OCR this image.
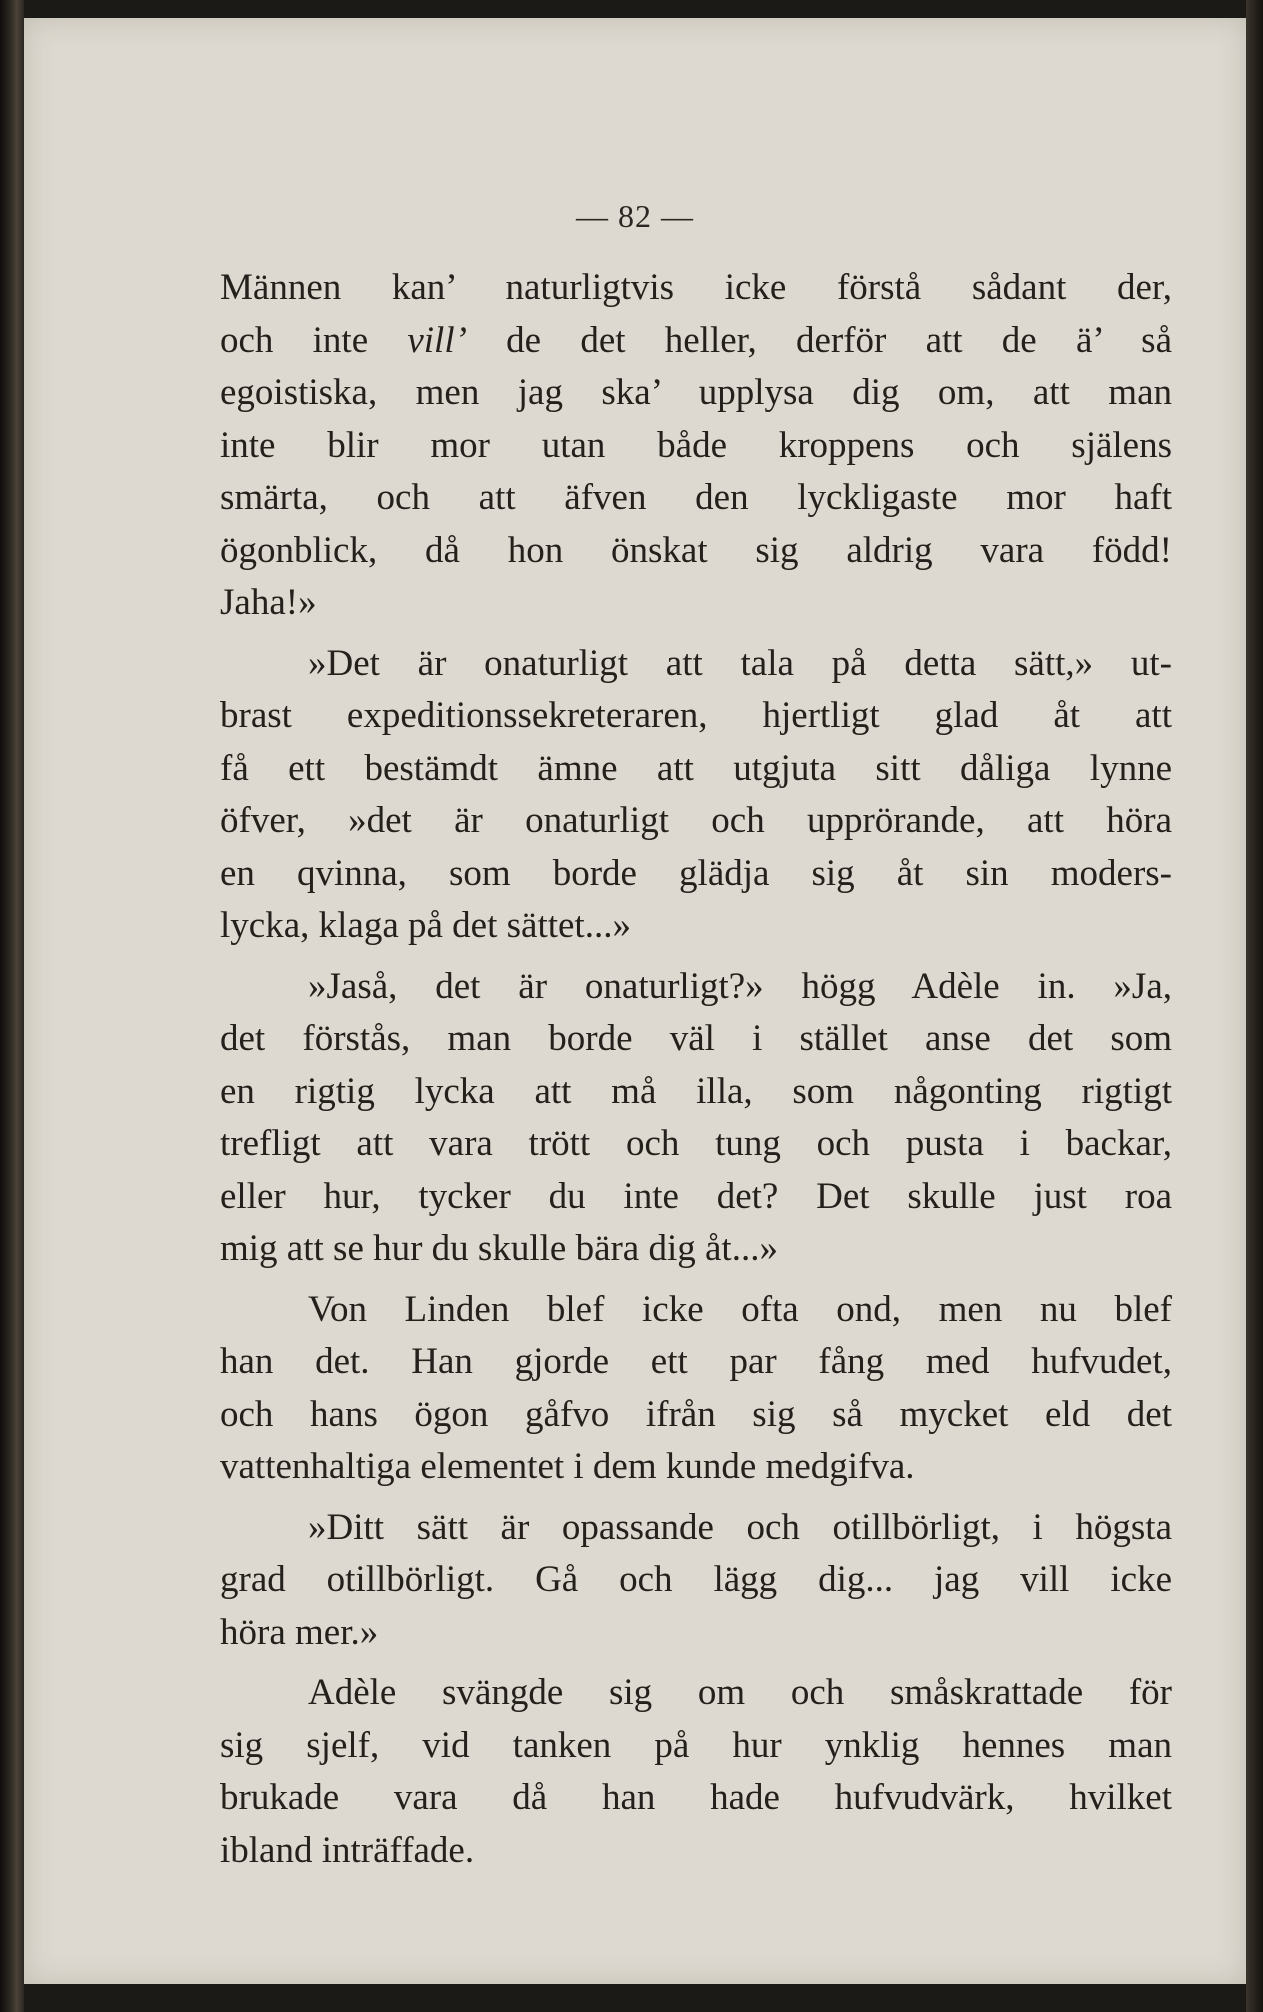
— 82 —
Männen kan’ naturligtvis icke förstå sådant der,
och inte vill’ de det heller, derför att de ä’ så
egoistiska, men jag ska’ upplysa dig om, att man
inte blir mor utan både kroppens och själens
smärta, och att äfven den lyckligaste mor haft
ögonblick, då hon önskat sig aldrig vara född!
Jaha!»
»Det är onaturligt att tala på detta sätt,» ut-
brast expeditionssekreteraren, hjertligt glad åt att
få ett bestämdt ämne att utgjuta sitt dåliga lynne
öfver, »det är onaturligt och upprörande, att höra
en qvinna, som borde glädja sig åt sin moders-
lycka, klaga på det sättet...»
»Jaså, det är onaturligt?» högg Adèle in. »Ja,
det förstås, man borde väl i stället anse det som
en rigtig lycka att må illa, som någonting rigtigt
trefligt att vara trött och tung och pusta i backar,
eller hur, tycker du inte det? Det skulle just roa
mig att se hur du skulle bära dig åt...»
Von Linden blef icke ofta ond, men nu blef
han det. Han gjorde ett par fång med hufvudet,
och hans ögon gåfvo ifrån sig så mycket eld det
vattenhaltiga elementet i dem kunde medgifva.
»Ditt sätt är opassande och otillbörligt, i högsta
grad otillbörligt. Gå och lägg dig... jag vill icke
höra mer.»
Adèle svängde sig om och småskrattade för
sig sjelf, vid tanken på hur ynklig hennes man
brukade vara då han hade hufvudvärk, hvilket
ibland inträffade.
